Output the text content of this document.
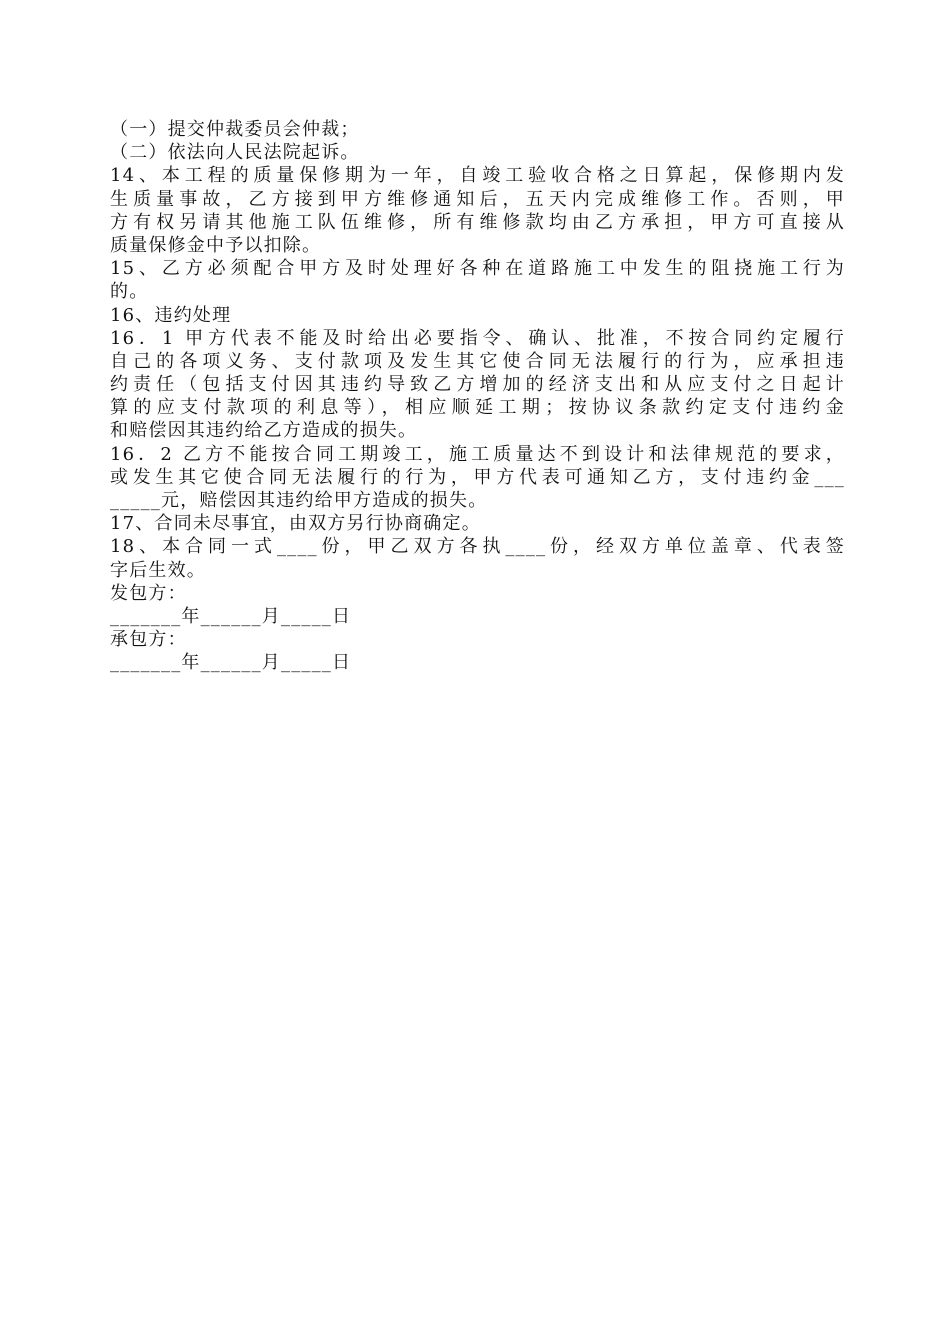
（一）提交仲裁委员会仲裁；
（二）依法向人民法院起诉。
14、本工程的质量保修期为一年，自竣工验收合格之日算起，保修期内发
生质量事故，乙方接到甲方维修通知后，五天内完成维修工作。否则，甲
方有权另请其他施工队伍维修，所有维修款均由乙方承担，甲方可直接从
质量保修金中予以扣除。
15、乙方必须配合甲方及时处理好各种在道路施工中发生的阻挠施工行为
的。
16、违约处理
16．1 甲方代表不能及时给出必要指令、确认、批准，不按合同约定履行
自己的各项义务、支付款项及发生其它使合同无法履行的行为，应承担违
约责任（包括支付因其违约导致乙方增加的经济支出和从应支付之日起计
算的应支付款项的利息等），相应顺延工期；按协议条款约定支付违约金
和赔偿因其违约给乙方造成的损失。
16．2 乙方不能按合同工期竣工，施工质量达不到设计和法律规范的要求，
或发生其它使合同无法履行的行为，甲方代表可通知乙方，支付违约金___
_____元，赔偿因其违约给甲方造成的损失。
17、合同未尽事宜，由双方另行协商确定。
18、本合同一式____份，甲乙双方各执____份，经双方单位盖章、代表签
字后生效。
发包方：
_______年______月_____日
承包方：
_______年______月_____日
